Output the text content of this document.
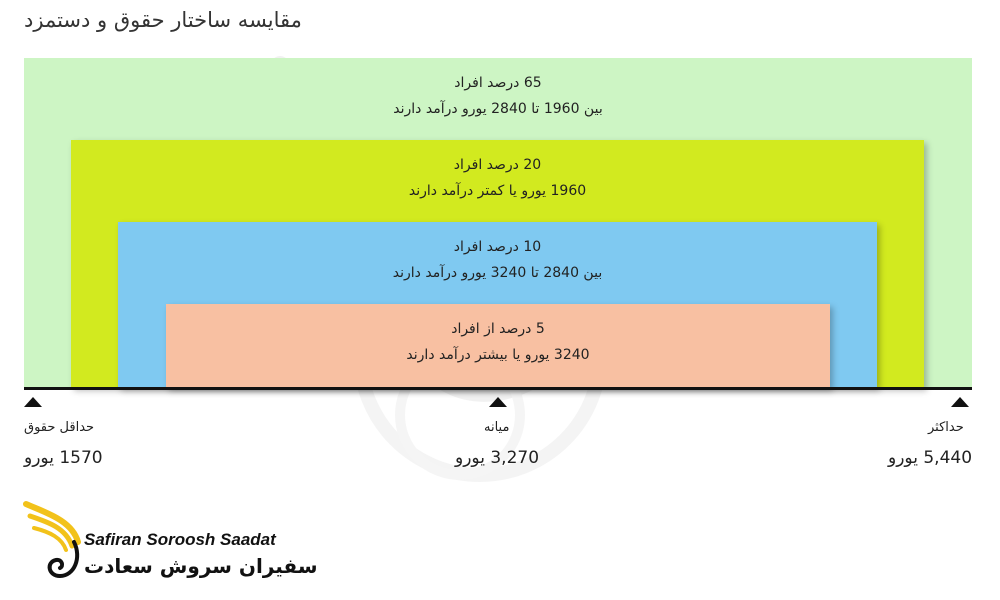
مقایسه ساختار حقوق و دستمزد
65 درصد افراد
بین 1960 تا 2840 یورو درآمد دارند
20 درصد افراد
1960 یورو یا کمتر درآمد دارند
10 درصد افراد
بین 2840 تا 3240 یورو درآمد دارند
5 درصد از افراد
3240 یورو یا بیشتر درآمد دارند
حداقل حقوق
1570 یورو
میانه
3,270 یورو
حداکثر
5,440 یورو
Safiran Soroosh Saadat
سفیران سروش سعادت
